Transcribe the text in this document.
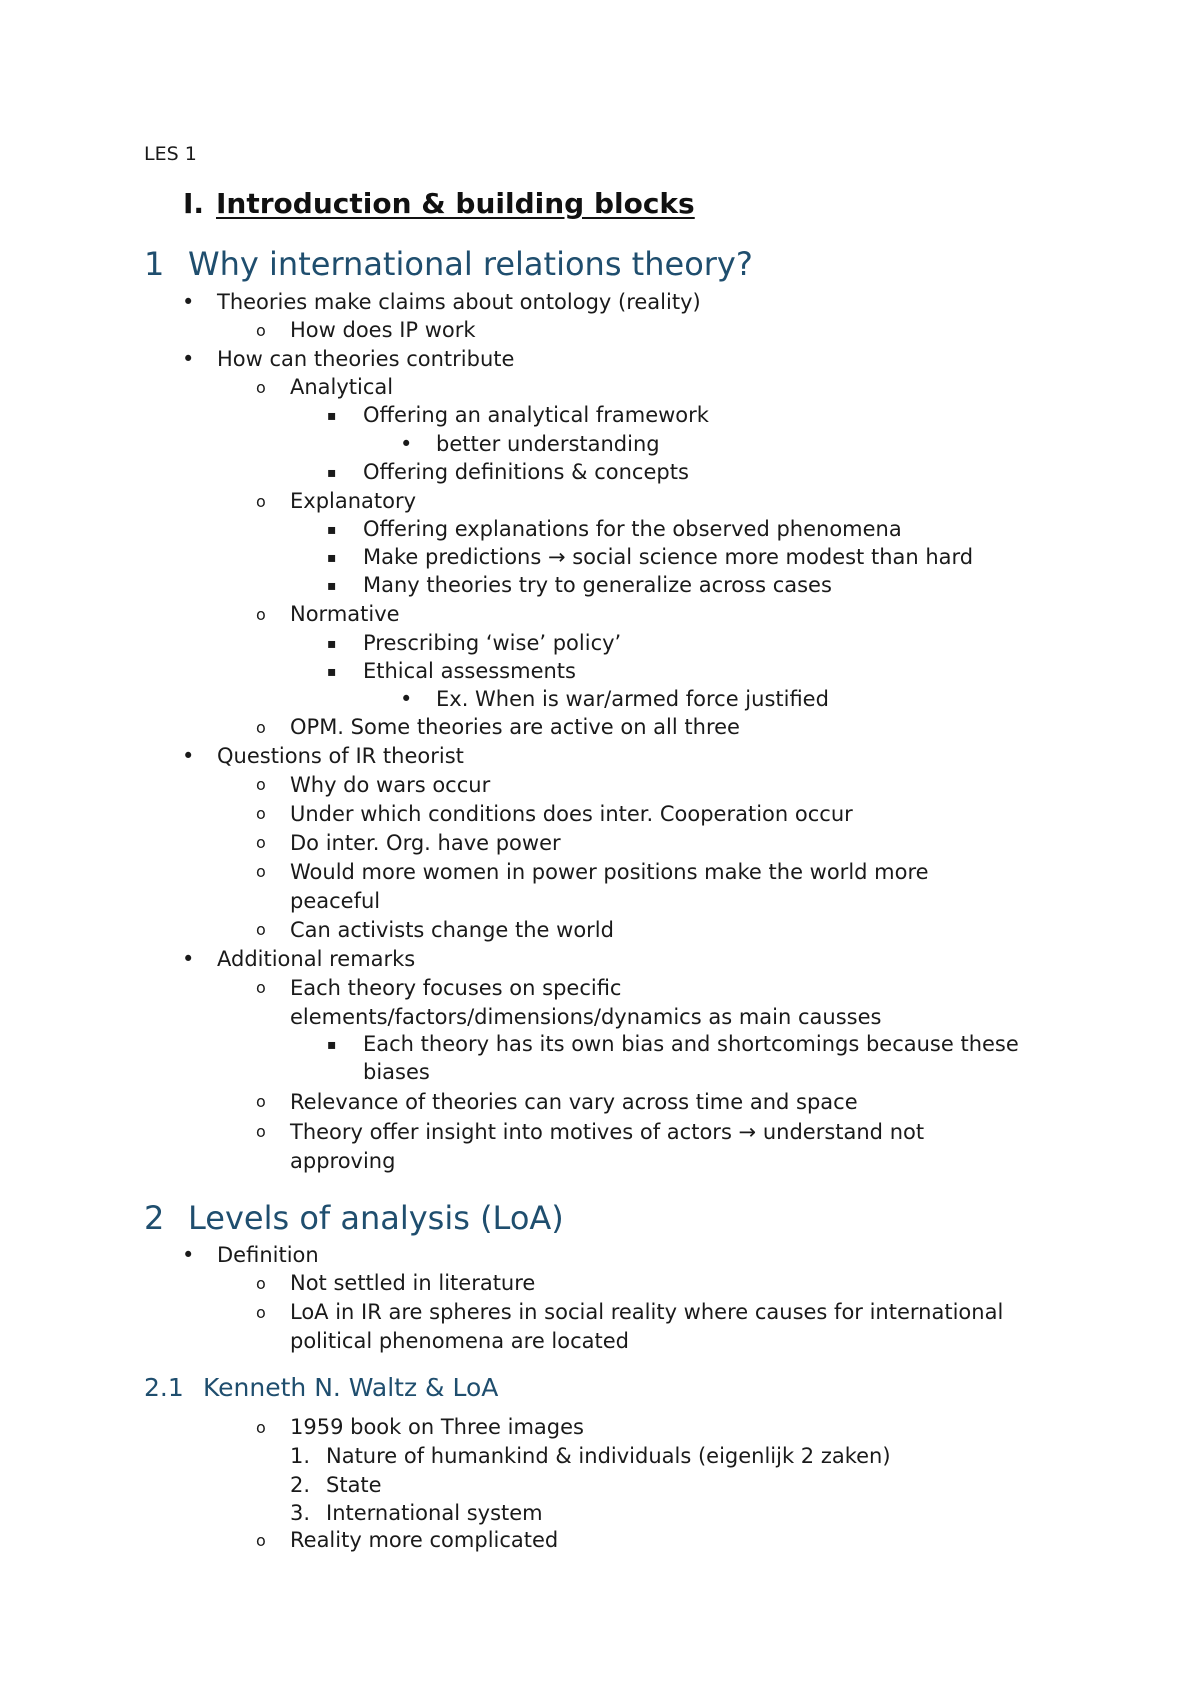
LES 1
I. Introduction & building blocks
1 Why international relations theory?
• Theories make claims about ontology (reality)
o How does IP work
• How can theories contribute
o Analytical
▪ Offering an analytical framework
• better understanding
▪ Offering definitions & concepts
o Explanatory
▪ Offering explanations for the observed phenomena
▪ Make predictions → social science more modest than hard
▪ Many theories try to generalize across cases
o Normative
▪ Prescribing ‘wise’ policy’
▪ Ethical assessments
• Ex. When is war/armed force justified
o OPM. Some theories are active on all three
• Questions of IR theorist
o Why do wars occur
o Under which conditions does inter. Cooperation occur
o Do inter. Org. have power
o Would more women in power positions make the world more
peaceful
o Can activists change the world
• Additional remarks
o Each theory focuses on specific
elements/factors/dimensions/dynamics as main causses
▪ Each theory has its own bias and shortcomings because these
biases
o Relevance of theories can vary across time and space
o Theory offer insight into motives of actors → understand not
approving
2 Levels of analysis (LoA)
• Definition
o Not settled in literature
o LoA in IR are spheres in social reality where causes for international
political phenomena are located
2.1 Kenneth N. Waltz & LoA
o 1959 book on Three images
1. Nature of humankind & individuals (eigenlijk 2 zaken)
2. State
3. International system
o Reality more complicated
